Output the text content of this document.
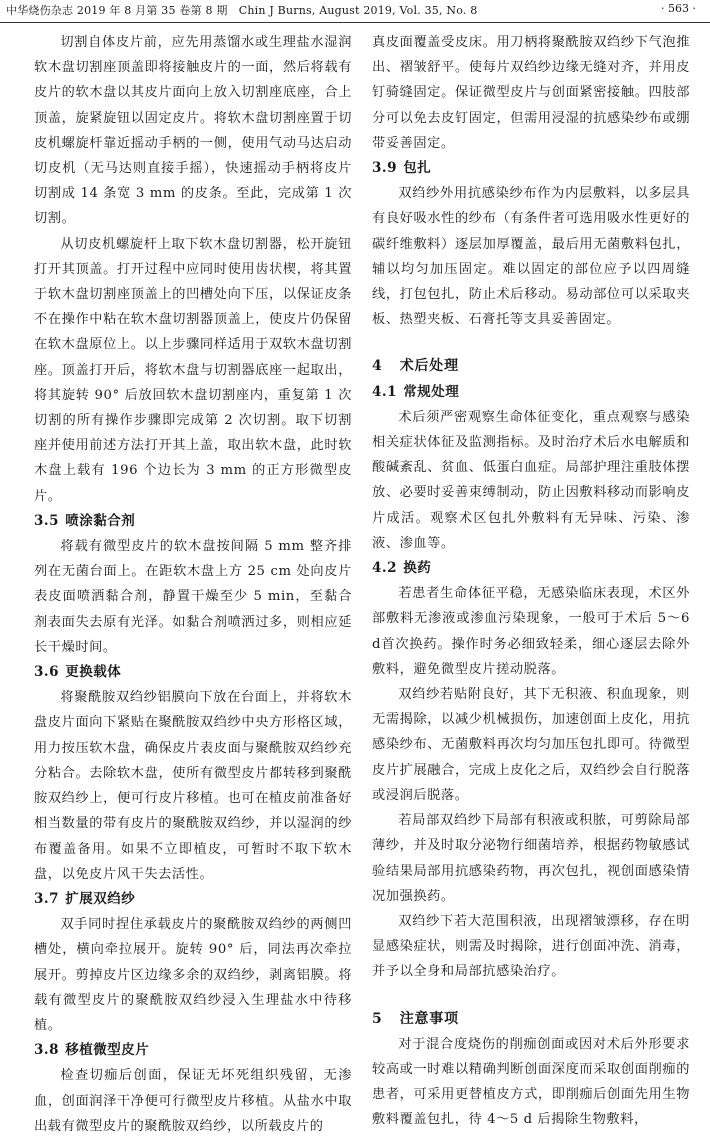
中华烧伤杂志 2019 年 8 月第 35 卷第 8 期　Chin J Burns, August 2019, Vol. 35, No. 8	· 563 ·

切割自体皮片前，应先用蒸馏水或生理盐水湿润软木盘切割座顶盖即将接触皮片的一面，然后将载有皮片的软木盘以其皮片面向上放入切割座底座，合上顶盖，旋紧旋钮以固定皮片。将软木盘切割座置于切皮机螺旋杆靠近摇动手柄的一侧，使用气动马达启动切皮机（无马达则直接手摇），快速摇动手柄将皮片切割成 14 条宽 3 mm 的皮条。至此，完成第 1 次切割。

从切皮机螺旋杆上取下软木盘切割器，松开旋钮打开其顶盖。打开过程中应同时使用齿状楔，将其置于软木盘切割座顶盖上的凹槽处向下压，以保证皮条不在操作中粘在软木盘切割器顶盖上，使皮片仍保留在软木盘原位上。以上步骤同样适用于双软木盘切割座。顶盖打开后，将软木盘与切割器底座一起取出，将其旋转 90° 后放回软木盘切割座内，重复第 1 次切割的所有操作步骤即完成第 2 次切割。取下切割座并使用前述方法打开其上盖，取出软木盘，此时软木盘上载有 196 个边长为 3 mm 的正方形微型皮片。

3.5 喷涂黏合剂

将载有微型皮片的软木盘按间隔 5 mm 整齐排列在无菌台面上。在距软木盘上方 25 cm 处向皮片表皮面喷洒黏合剂，静置干燥至少 5 min，至黏合剂表面失去原有光泽。如黏合剂喷洒过多，则相应延长干燥时间。

3.6 更换载体

将聚酰胺双绉纱铝膜向下放在台面上，并将软木盘皮片面向下紧贴在聚酰胺双绉纱中央方形格区域，用力按压软木盘，确保皮片表皮面与聚酰胺双绉纱充分粘合。去除软木盘，使所有微型皮片都转移到聚酰胺双绉纱上，便可行皮片移植。也可在植皮前准备好相当数量的带有皮片的聚酰胺双绉纱，并以湿润的纱布覆盖备用。如果不立即植皮，可暂时不取下软木盘，以免皮片风干失去活性。

3.7 扩展双绉纱

双手同时捏住承载皮片的聚酰胺双绉纱的两侧凹槽处，横向牵拉展开。旋转 90° 后，同法再次牵拉展开。剪掉皮片区边缘多余的双绉纱，剥离铝膜。将载有微型皮片的聚酰胺双绉纱浸入生理盐水中待移植。

3.8 移植微型皮片

检查切痂后创面，保证无坏死组织残留，无渗血，创面润泽干净便可行微型皮片移植。从盐水中取出载有微型皮片的聚酰胺双绉纱，以所载皮片的

真皮面覆盖受皮床。用刀柄将聚酰胺双绉纱下气泡推出、褶皱舒平。使每片双绉纱边缘无缝对齐，并用皮钉骑缝固定。保证微型皮片与创面紧密接触。四肢部分可以免去皮钉固定，但需用浸湿的抗感染纱布或绷带妥善固定。

3.9 包扎

双绉纱外用抗感染纱布作为内层敷料，以多层具有良好吸水性的纱布（有条件者可选用吸水性更好的碳纤维敷料）逐层加厚覆盖，最后用无菌敷料包扎，辅以均匀加压固定。难以固定的部位应予以四周缝线，打包包扎，防止术后移动。易动部位可以采取夹板、热塑夹板、石膏托等支具妥善固定。

4 术后处理
4.1 常规处理

术后须严密观察生命体征变化，重点观察与感染相关症状体征及监测指标。及时治疗术后水电解质和酸碱紊乱、贫血、低蛋白血症。局部护理注重肢体摆放、必要时妥善束缚制动，防止因敷料移动而影响皮片成活。观察术区包扎外敷料有无异味、污染、渗液、渗血等。

4.2 换药

若患者生命体征平稳，无感染临床表现，术区外部敷料无渗液或渗血污染现象，一般可于术后 5～6 d首次换药。操作时务必细致轻柔，细心逐层去除外敷料，避免微型皮片搓动脱落。

双绉纱若贴附良好，其下无积液、积血现象，则无需揭除，以减少机械损伤，加速创面上皮化，用抗感染纱布、无菌敷料再次均匀加压包扎即可。待微型皮片扩展融合，完成上皮化之后，双绉纱会自行脱落或浸润后脱落。

若局部双绉纱下局部有积液或积脓，可剪除局部薄纱，并及时取分泌物行细菌培养，根据药物敏感试验结果局部用抗感染药物，再次包扎，视创面感染情况加强换药。

双绉纱下若大范围积液，出现褶皱漂移，存在明显感染症状，则需及时揭除，进行创面冲洗、消毒，并予以全身和局部抗感染治疗。

5 注意事项

对于混合度烧伤的削痂创面或因对术后外形要求较高或一时难以精确判断创面深度而采取创面削痂的患者，可采用更替植皮方式，即削痂后创面先用生物敷料覆盖包扎，待 4～5 d 后揭除生物敷料，
